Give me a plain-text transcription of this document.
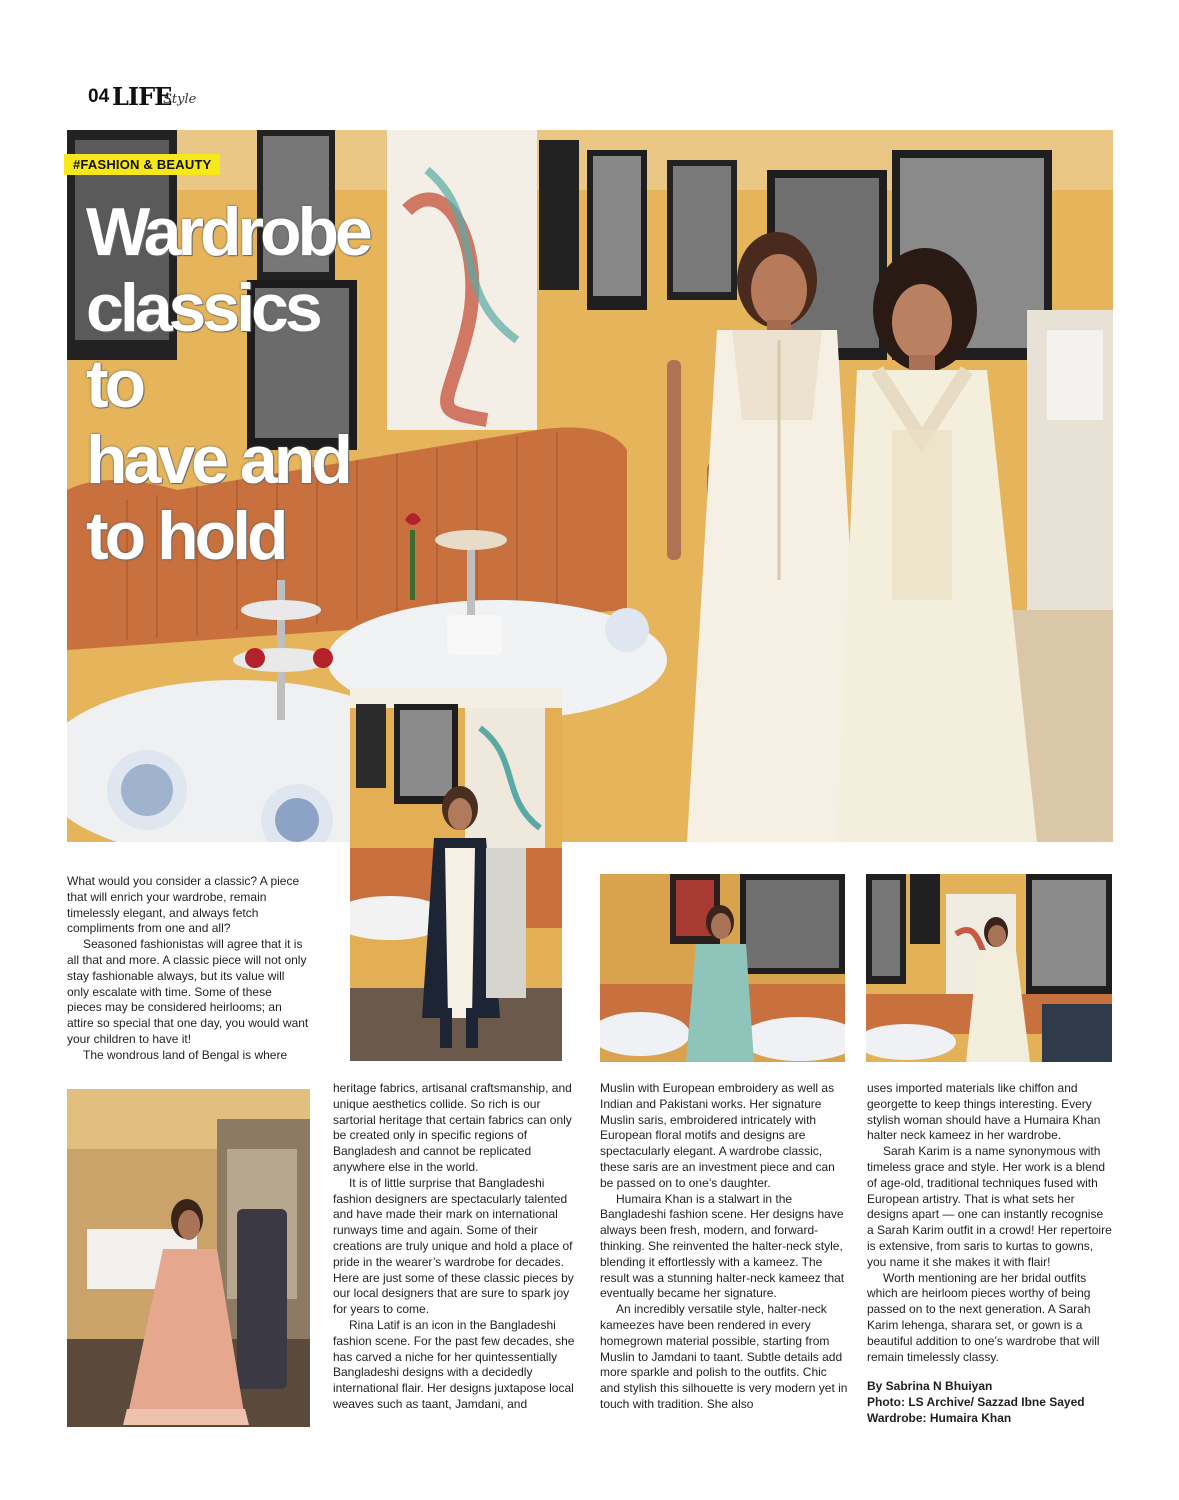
04 LIFE
Style
#FASHION & BEAUTY
Wardrobe
classics to
have and
to hold

What would you consider a classic? A piece that will enrich your wardrobe, remain timelessly elegant, and always fetch compliments from one and all?

Seasoned fashionistas will agree that it is all that and more. A classic piece will not only stay fashionable always, but its value will only escalate with time. Some of these pieces may be considered heirlooms; an attire so special that one day, you would want your children to have it!

The wondrous land of Bengal is where

heritage fabrics, artisanal craftsmanship, and unique aesthetics collide. So rich is our sartorial heritage that certain fabrics can only be created only in specific regions of Bangladesh and cannot be replicated anywhere else in the world.

It is of little surprise that Bangladeshi fashion designers are spectacularly talented and have made their mark on international runways time and again. Some of their creations are truly unique and hold a place of pride in the wearer’s wardrobe for decades. Here are just some of these classic pieces by our local designers that are sure to spark joy for years to come.

Rina Latif is an icon in the Bangladeshi fashion scene. For the past few decades, she has carved a niche for her quintessentially Bangladeshi designs with a decidedly international flair. Her designs juxtapose local weaves such as taant, Jamdani, and

Muslin with European embroidery as well as Indian and Pakistani works. Her signature Muslin saris, embroidered intricately with European floral motifs and designs are spectacularly elegant. A wardrobe classic, these saris are an investment piece and can be passed on to one’s daughter.

Humaira Khan is a stalwart in the Bangladeshi fashion scene. Her designs have always been fresh, modern, and forward-thinking. She reinvented the halter-neck style, blending it effortlessly with a kameez. The result was a stunning halter-neck kameez that eventually became her signature.

An incredibly versatile style, halter-neck kameezes have been rendered in every homegrown material possible, starting from Muslin to Jamdani to taant. Subtle details add more sparkle and polish to the outfits. Chic and stylish this silhouette is very modern yet in touch with tradition. She also

uses imported materials like chiffon and georgette to keep things interesting. Every stylish woman should have a Humaira Khan halter neck kameez in her wardrobe.

Sarah Karim is a name synonymous with timeless grace and style. Her work is a blend of age-old, traditional techniques fused with European artistry. That is what sets her designs apart — one can instantly recognise a Sarah Karim outfit in a crowd! Her repertoire is extensive, from saris to kurtas to gowns, you name it she makes it with flair!

Worth mentioning are her bridal outfits which are heirloom pieces worthy of being passed on to the next generation. A Sarah Karim lehenga, sharara set, or gown is a beautiful addition to one’s wardrobe that will remain timelessly classy.

By Sabrina N Bhuiyan

Photo: LS Archive/ Sazzad Ibne Sayed

Wardrobe: Humaira Khan
